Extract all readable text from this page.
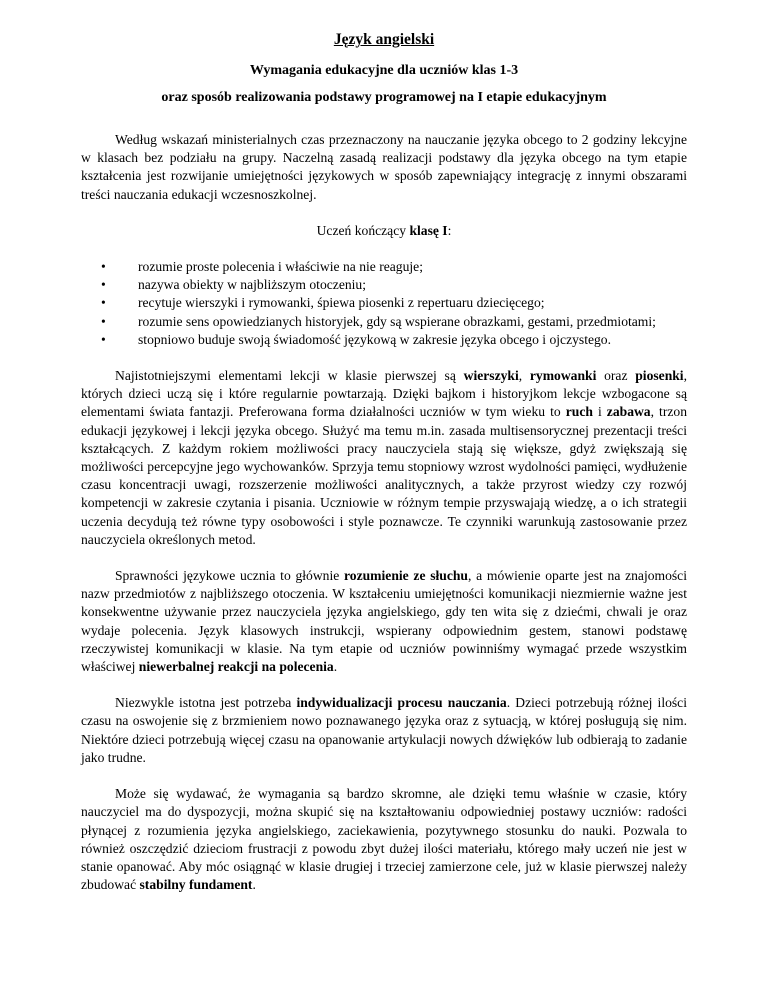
Język angielski
Wymagania edukacyjne dla uczniów klas 1-3
oraz sposób realizowania podstawy programowej na I etapie edukacyjnym

Według wskazań ministerialnych czas przeznaczony na nauczanie języka obcego to 2 godziny lekcyjne w klasach bez podziału na grupy. Naczelną zasadą realizacji podstawy dla języka obcego na tym etapie kształcenia jest rozwijanie umiejętności językowych w sposób zapewniający integrację z innymi obszarami treści nauczania edukacji wczesnoszkolnej.

Uczeń kończący klasę I:

• rozumie proste polecenia i właściwie na nie reaguje;
• nazywa obiekty w najbliższym otoczeniu;
• recytuje wierszyki i rymowanki, śpiewa piosenki z repertuaru dziecięcego;
• rozumie sens opowiedzianych historyjek, gdy są wspierane obrazkami, gestami, przedmiotami;
• stopniowo buduje swoją świadomość językową w zakresie języka obcego i ojczystego.

Najistotniejszymi elementami lekcji w klasie pierwszej są wierszyki, rymowanki oraz piosenki, których dzieci uczą się i które regularnie powtarzają. Dzięki bajkom i historyjkom lekcje wzbogacone są elementami świata fantazji. Preferowana forma działalności uczniów w tym wieku to ruch i zabawa, trzon edukacji językowej i lekcji języka obcego. Służyć ma temu m.in. zasada multisensorycznej prezentacji treści kształcących. Z każdym rokiem możliwości pracy nauczyciela stają się większe, gdyż zwiększają się możliwości percepcyjne jego wychowanków. Sprzyja temu stopniowy wzrost wydolności pamięci, wydłużenie czasu koncentracji uwagi, rozszerzenie możliwości analitycznych, a także przyrost wiedzy czy rozwój kompetencji w zakresie czytania i pisania. Uczniowie w różnym tempie przyswajają wiedzę, a o ich strategii uczenia decydują też równe typy osobowości i style poznawcze. Te czynniki warunkują zastosowanie przez nauczyciela określonych metod.

Sprawności językowe ucznia to głównie rozumienie ze słuchu, a mówienie oparte jest na znajomości nazw przedmiotów z najbliższego otoczenia. W kształceniu umiejętności komunikacji niezmiernie ważne jest konsekwentne używanie przez nauczyciela języka angielskiego, gdy ten wita się z dziećmi, chwali je oraz wydaje polecenia. Język klasowych instrukcji, wspierany odpowiednim gestem, stanowi podstawę rzeczywistej komunikacji w klasie. Na tym etapie od uczniów powinniśmy wymagać przede wszystkim właściwej niewerbalnej reakcji na polecenia.

Niezwykle istotna jest potrzeba indywidualizacji procesu nauczania. Dzieci potrzebują różnej ilości czasu na oswojenie się z brzmieniem nowo poznawanego języka oraz z sytuacją, w której posługują się nim. Niektóre dzieci potrzebują więcej czasu na opanowanie artykulacji nowych dźwięków lub odbierają to zadanie jako trudne.

Może się wydawać, że wymagania są bardzo skromne, ale dzięki temu właśnie w czasie, który nauczyciel ma do dyspozycji, można skupić się na kształtowaniu odpowiedniej postawy uczniów: radości płynącej z rozumienia języka angielskiego, zaciekawienia, pozytywnego stosunku do nauki. Pozwala to również oszczędzić dzieciom frustracji z powodu zbyt dużej ilości materiału, którego mały uczeń nie jest w stanie opanować. Aby móc osiągnąć w klasie drugiej i trzeciej zamierzone cele, już w klasie pierwszej należy zbudować stabilny fundament.
